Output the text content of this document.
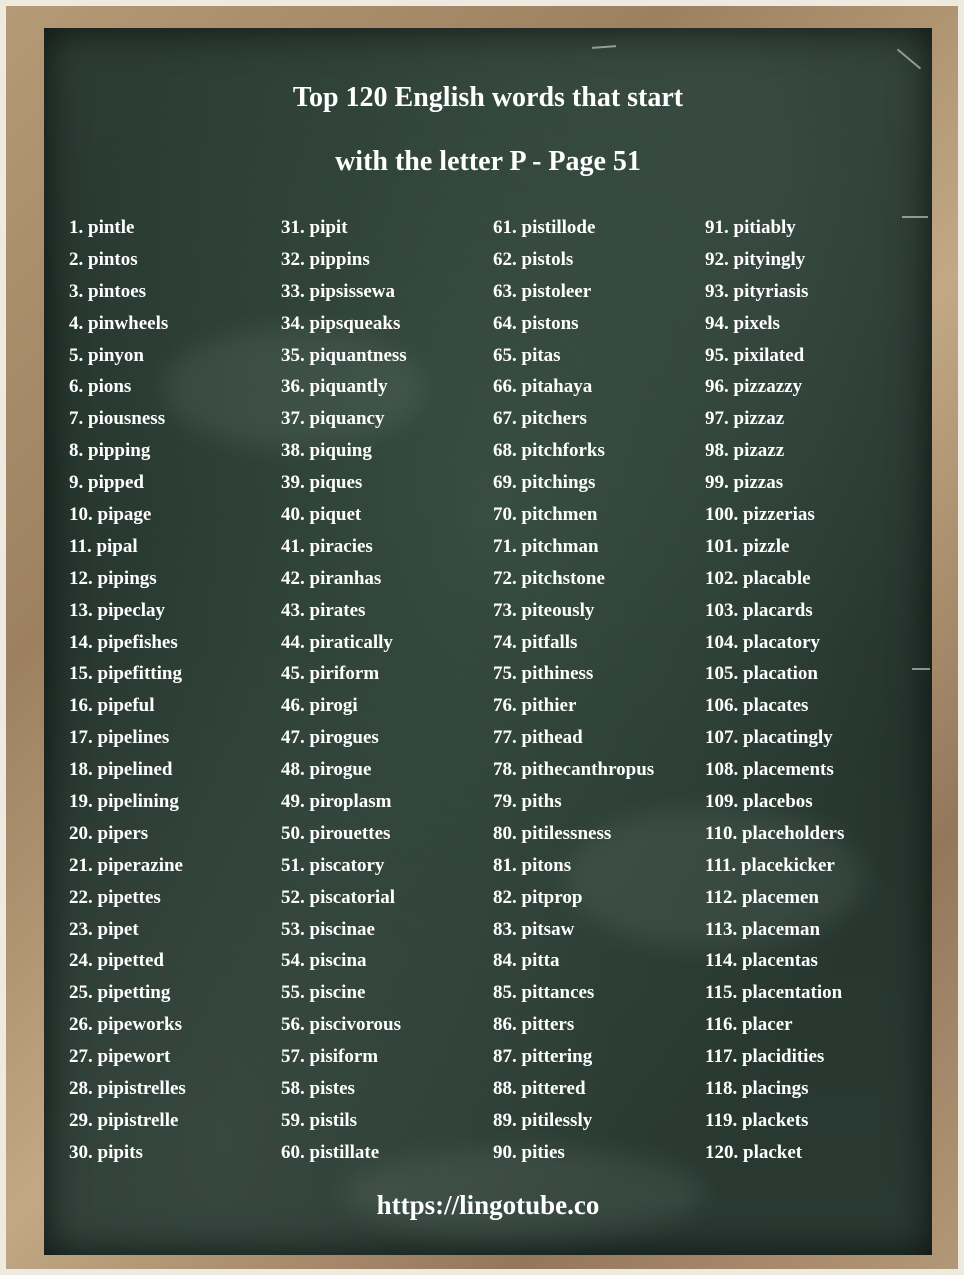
Top 120 English words that start
with the letter P - Page 51
1. pintle
2. pintos
3. pintoes
4. pinwheels
5. pinyon
6. pions
7. piousness
8. pipping
9. pipped
10. pipage
11. pipal
12. pipings
13. pipeclay
14. pipefishes
15. pipefitting
16. pipeful
17. pipelines
18. pipelined
19. pipelining
20. pipers
21. piperazine
22. pipettes
23. pipet
24. pipetted
25. pipetting
26. pipeworks
27. pipewort
28. pipistrelles
29. pipistrelle
30. pipits
31. pipit
32. pippins
33. pipsissewa
34. pipsqueaks
35. piquantness
36. piquantly
37. piquancy
38. piquing
39. piques
40. piquet
41. piracies
42. piranhas
43. pirates
44. piratically
45. piriform
46. pirogi
47. pirogues
48. pirogue
49. piroplasm
50. pirouettes
51. piscatory
52. piscatorial
53. piscinae
54. piscina
55. piscine
56. piscivorous
57. pisiform
58. pistes
59. pistils
60. pistillate
61. pistillode
62. pistols
63. pistoleer
64. pistons
65. pitas
66. pitahaya
67. pitchers
68. pitchforks
69. pitchings
70. pitchmen
71. pitchman
72. pitchstone
73. piteously
74. pitfalls
75. pithiness
76. pithier
77. pithead
78. pithecanthropus
79. piths
80. pitilessness
81. pitons
82. pitprop
83. pitsaw
84. pitta
85. pittances
86. pitters
87. pittering
88. pittered
89. pitilessly
90. pities
91. pitiably
92. pityingly
93. pityriasis
94. pixels
95. pixilated
96. pizzazzy
97. pizzaz
98. pizazz
99. pizzas
100. pizzerias
101. pizzle
102. placable
103. placards
104. placatory
105. placation
106. placates
107. placatingly
108. placements
109. placebos
110. placeholders
111. placekicker
112. placemen
113. placeman
114. placentas
115. placentation
116. placer
117. placidities
118. placings
119. plackets
120. placket
https://lingotube.co
